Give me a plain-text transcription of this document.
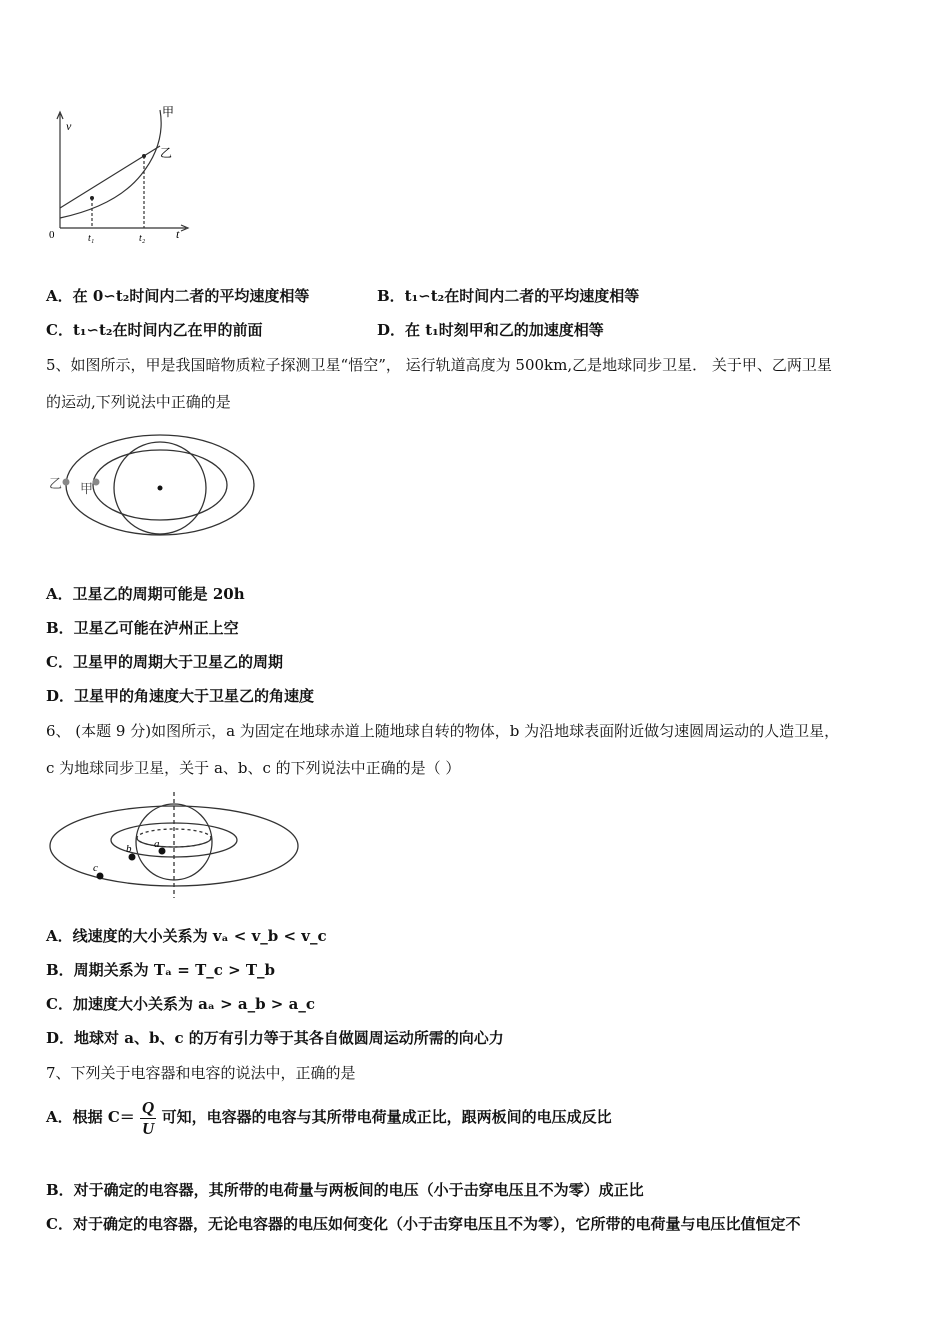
v
t
0	t₁	t₂
甲
乙
A．在 0∽t₂时间内二者的平均速度相等	B．t₁∽t₂在时间内二者的平均速度相等
C．t₁∽t₂在时间内乙在甲的前面	D．在 t₁时刻甲和乙的加速度相等
5、如图所示，甲是我国暗物质粒子探测卫星“悟空”， 运行轨道高度为 500km,乙是地球同步卫星． 关于甲、乙两卫星
的运动,下列说法中正确的是
乙 甲
A．卫星乙的周期可能是 20h
B．卫星乙可能在泸州正上空
C．卫星甲的周期大于卫星乙的周期
D．卫星甲的角速度大于卫星乙的角速度
6、 (本题 9 分)如图所示，a 为固定在地球赤道上随地球自转的物体，b 为沿地球表面附近做匀速圆周运动的人造卫星，
c 为地球同步卫星，关于 a、b、c 的下列说法中正确的是（ ）
a
b
c
A．线速度的大小关系为 vₐ < v_b < v_c
B．周期关系为 Tₐ = T_c > T_b
C．加速度大小关系为 aₐ > a_b > a_c
D．地球对 a、b、c 的万有引力等于其各自做圆周运动所需的向心力
7、下列关于电容器和电容的说法中，正确的是
A．根据 $C= \frac{Q}{U}$ 可知，电容器的电容与其所带电荷量成正比，跟两板间的电压成反比
B．对于确定的电容器，其所带的电荷量与两板间的电压（小于击穿电压且不为零）成正比
C．对于确定的电容器，无论电容器的电压如何变化（小于击穿电压且不为零），它所带的电荷量与电压比值恒定不
